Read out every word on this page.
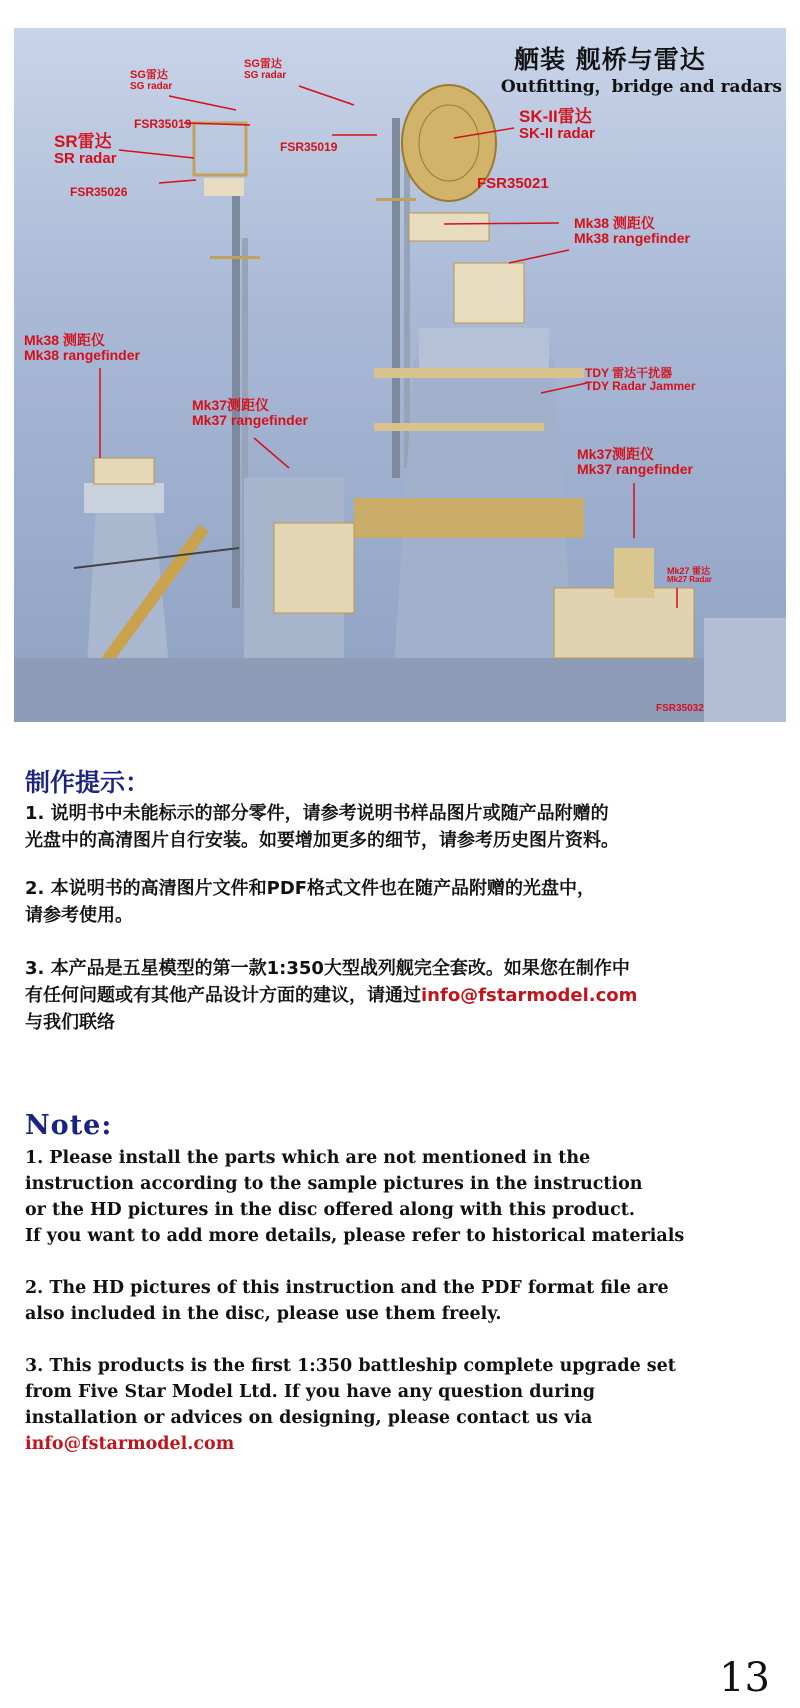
舾装 舰桥与雷达
Outfitting，bridge and radars
SG雷达
SG radar
SG雷达
SG radar
SR雷达
SR radar
SK-II雷达
SK-II radar
Mk38 测距仪
Mk38 rangefinder
Mk38 测距仪
Mk38 rangefinder
Mk37测距仪
Mk37 rangefinder
TDY 雷达干扰器
TDY Radar Jammer
Mk37测距仪
Mk37 rangefinder
Mk27 雷达
Mk27 Radar
FSR35019
FSR35019
FSR35026	FSR35021
FSR35032
制作提示：
1. 说明书中未能标示的部分零件，请参考说明书样品图片或随产品附赠的
光盘中的高清图片自行安装。如要增加更多的细节，请参考历史图片资料。
2. 本说明书的高清图片文件和PDF格式文件也在随产品附赠的光盘中，
请参考使用。
3. 本产品是五星模型的第一款1:350大型战列舰完全套改。如果您在制作中
有任何问题或有其他产品设计方面的建议，请通过info@fstarmodel.com
与我们联络
Note:
1. Please install the parts which are not mentioned in the
instruction according to the sample pictures in the instruction
or the HD pictures in the disc offered along with this product.
If you want to add more details, please refer to historical materials
2. The HD pictures of this instruction and the PDF format file are
also included in the disc, please use them freely.
3. This products is the first 1:350 battleship complete upgrade set
from Five Star Model Ltd. If you have any question during
installation or advices on designing, please contact us via
info@fstarmodel.com
13
